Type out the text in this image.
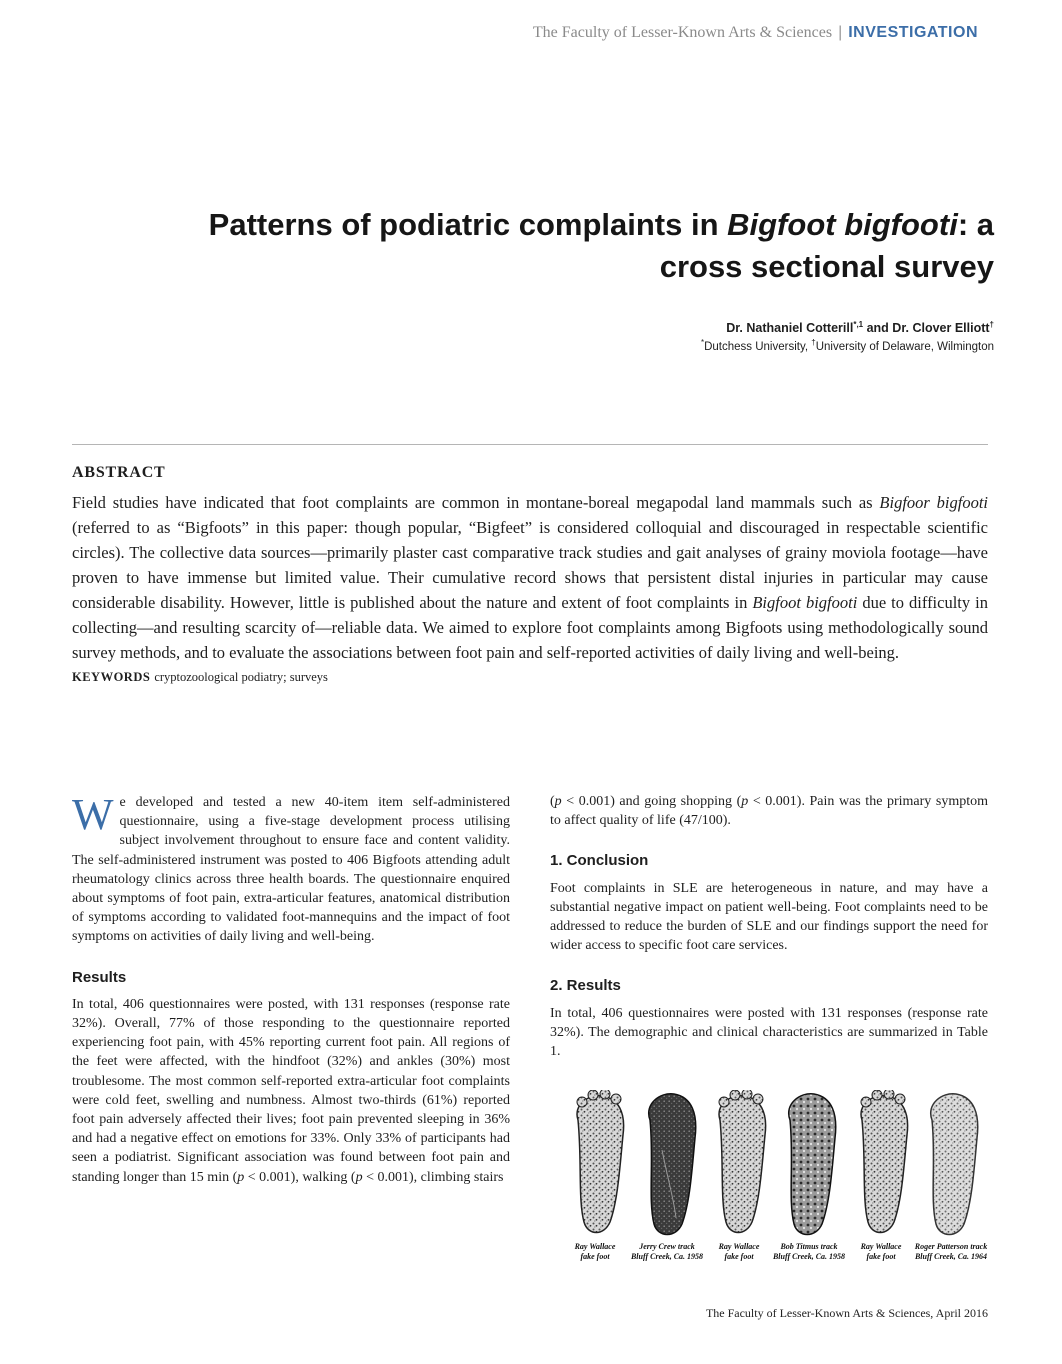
The Faculty of Lesser-Known Arts & Sciences | INVESTIGATION
Patterns of podiatric complaints in Bigfoot bigfooti: a
cross sectional survey
Dr. Nathaniel Cotterill$^{*,1}$ and Dr. Clover Elliott†
*Dutchess University, †University of Delaware, Wilmington
ABSTRACT

Field studies have indicated that foot complaints are common in montane-boreal megapodal land mammals such as Bigfoor bigfooti (referred to as “Bigfoots” in this paper: though popular, “Bigfeet” is considered colloquial and discouraged in respectable scientific circles). The collective data sources—primarily plaster cast comparative track studies and gait analyses of grainy moviola footage—have proven to have immense but limited value. Their cumulative record shows that persistent distal injuries in particular may cause considerable disability. However, little is published about the nature and extent of foot complaints in Bigfoot bigfooti due to difficulty in collecting—and resulting scarcity of—reliable data. We aimed to explore foot complaints among Bigfoots using methodologically sound survey methods, and to evaluate the associations between foot pain and self-reported activities of daily living and well-being.

KEYWORDS cryptozoological podiatry; surveys

We developed and tested a new 40-item item self-administered questionnaire, using a five-stage development process utilising subject involvement throughout to ensure face and content validity. The self-administered instrument was posted to 406 Bigfoots attending adult rheumatology clinics across three health boards. The questionnaire enquired about symptoms of foot pain, extra-articular features, anatomical distribution of symptoms according to validated foot-mannequins and the impact of foot symptoms on activities of daily living and well-being.

Results

In total, 406 questionnaires were posted, with 131 responses (response rate 32%). Overall, 77% of those responding to the questionnaire reported experiencing foot pain, with 45% reporting current foot pain. All regions of the feet were affected, with the hindfoot (32%) and ankles (30%) most troublesome. The most common self-reported extra-articular foot complaints were cold feet, swelling and numbness. Almost two-thirds (61%) reported foot pain adversely affected their lives; foot pain prevented sleeping in 36% and had a negative effect on emotions for 33%. Only 33% of participants had seen a podiatrist. Significant association was found between foot pain and standing longer than 15 min (p < 0.001), walking (p < 0.001), climbing stairs

(p < 0.001) and going shopping (p < 0.001). Pain was the primary symptom to affect quality of life (47/100).

1. Conclusion

Foot complaints in SLE are heterogeneous in nature, and may have a substantial negative impact on patient well-being. Foot complaints need to be addressed to reduce the burden of SLE and our findings support the need for wider access to specific foot care services.

2. Results

In total, 406 questionnaires were posted with 131 responses (response rate 32%). The demographic and clinical characteristics are summarized in Table 1.

Ray Wallace
fake foot
Jerry Crew track
Bluff Creek, Ca. 1958
Ray Wallace
fake foot
Bob Titmus track
Bluff Creek, Ca. 1958
Ray Wallace
fake foot
Roger Patterson track
Bluff Creek, Ca. 1964
The Faculty of Lesser-Known Arts & Sciences, April 2016
